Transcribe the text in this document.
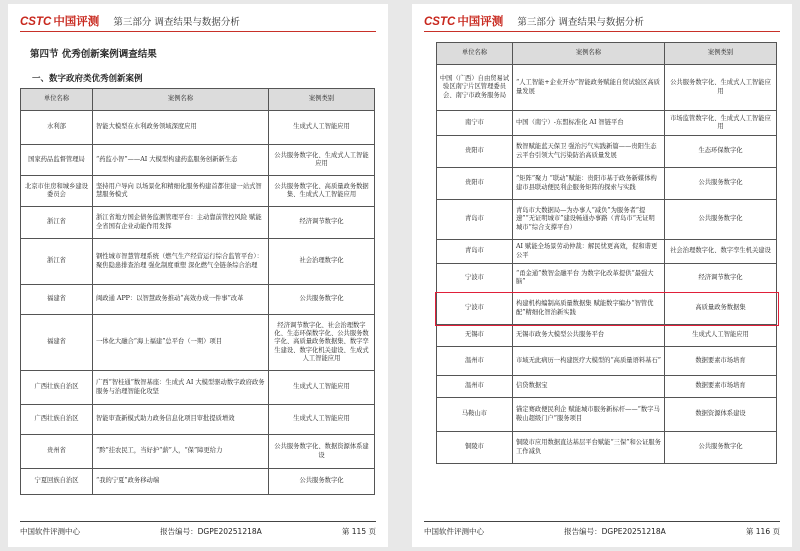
CSTC 中国评测 第三部分 调查结果与数据分析
第四节 优秀创新案例调查结果
一、数字政府类优秀创新案例
单位名称	案例名称	案例类别
水利部	智能大模型在水利政务领域深度应用	生成式人工智能应用
国家药品监督管理局	“药监小智”——AI 大模型构建药监服务创新新生态	公共服务数字化、生成式人工智能应用
北京市住房和城乡建设委员会	坚持用户导向 以场景化和精细化服务构建首都住建一站式智慧服务模式	公共服务数字化、高质量政务数据集、生成式人工智能应用
浙江省	浙江省地方国企债务监测管理平台：主动靠前管控风险 赋能全省国有企业动能作用发挥	经济调节数字化
浙江省	钢性城市智慧管理系统（燃气生产经营运行综合监管平台）：聚焦隐患排查治理 强化制度重塑 深化燃气全链条综合治理	社会治理数字化
福建省	闽政通 APP：以智慧政务推动“高效办成一件事”改革	公共服务数字化
福建省	一体化大融合“海上福建”总平台（一期）项目	经济调节数字化、社会治理数字化、生态环保数字化、公共服务数字化、高质量政务数据集、数字孪生建设、数字化机关建设、生成式人工智能应用
广西壮族自治区	广西“智桂通”数智基座：生成式 AI 大模型驱动数字政府政务服务与治理智能化攻坚	生成式人工智能应用
广西壮族自治区	智能审查新模式助力政务信息化项目审批提质增效	生成式人工智能应用
贵州省	“黔”挂农民工，当好护“薪”人，“保”障更给力	公共服务数字化、数据资源体系建设
宁夏回族自治区	“我的宁夏”政务移动端	公共服务数字化
中国软件评测中心	报告编号：DGPE20251218A	第 115 页
CSTC 中国评测 第三部分 调查结果与数据分析
单位名称	案例名称	案例类别
中国（广西）自由贸易试验区南宁片区管理委员会、南宁市政务服务局	“人工智能+企业开办”智能政务赋能自贸试验区高质量发展	公共服务数字化、生成式人工智能应用
南宁市	中国（南宁）-东盟标准化 AI 智链平台	市场监管数字化、生成式人工智能应用
贵阳市	数智赋能蓝天保卫 强治污气实践新篇——贵阳生态云平台引领大气污染防治高质量发展	生态环保数字化
贵阳市	“矩阵”聚力 “联动”赋能：贵阳市基于政务新媒体构建市县联动便民利企服务矩阵的探索与实践	公共服务数字化
青岛市	青岛市大数据局—为办事人“减负”为服务者“提速”“无证明城市”建设畅通办事路（青岛市“无证明城市”综合支撑平台）	公共服务数字化
青岛市	AI 赋能全场景劳动仲裁：解民忧更高效，促和谐更公平	社会治理数字化、数字孪生机关建设
宁波市	“甬金通”数智金融平台 为数字化改革提供“最强大脑”	经济调节数字化
宁波市	构建机构编制高质量数据集 赋能数字编办“智管优配”精细化智治新实践	高质量政务数据集
无锡市	无锡市政务大模型公共服务平台	生成式人工智能应用
温州市	市域无此病历一构建医疗大模型的“高质量语料基石”	数据要素市场培育
温州市	信贷数据宝	数据要素市场培育
马鞍山市	锚定赛政便民利企 赋能城市服务新标杆——“数字马鞍山超级门户”服务项目	数据资源体系建设
铜陵市	铜陵市应用数据直达基层平台赋能“三保”和公证服务工作减负	公共服务数字化
中国软件评测中心	报告编号：DGPE20251218A	第 116 页
